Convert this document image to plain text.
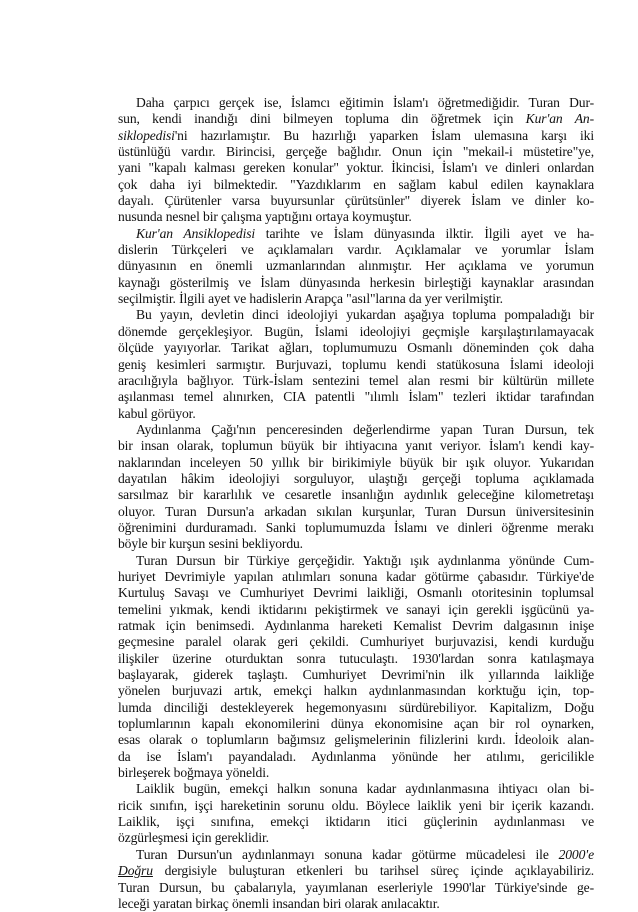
Daha çarpıcı gerçek ise, İslamcı eğitimin İslam'ı öğretmediğidir. Turan Dur-
sun, kendi inandığı dini bilmeyen topluma din öğretmek için Kur'an An-
siklopedisi'ni hazırlamıştır. Bu hazırlığı yaparken İslam ulemasına karşı iki
üstünlüğü vardır. Birincisi, gerçeğe bağlıdır. Onun için "mekail-i müstetire"ye,
yani "kapalı kalması gereken konular" yoktur. İkincisi, İslam'ı ve dinleri onlardan
çok daha iyi bilmektedir. "Yazdıklarım en sağlam kabul edilen kaynaklara
dayalı. Çürütenler varsa buyursunlar çürütsünler" diyerek İslam ve dinler ko-
nusunda nesnel bir çalışma yaptığını ortaya koymuştur.
Kur'an Ansiklopedisi tarihte ve İslam dünyasında ilktir. İlgili ayet ve ha-
dislerin Türkçeleri ve açıklamaları vardır. Açıklamalar ve yorumlar İslam
dünyasının en önemli uzmanlarından alınmıştır. Her açıklama ve yorumun
kaynağı gösterilmiş ve İslam dünyasında herkesin birleştiği kaynaklar arasından
seçilmiştir. İlgili ayet ve hadislerin Arapça "asıl"larına da yer verilmiştir.
Bu yayın, devletin dinci ideolojiyi yukardan aşağıya topluma pompaladığı bir
dönemde gerçekleşiyor. Bugün, İslami ideolojiyi geçmişle karşılaştırılamayacak
ölçüde yayıyorlar. Tarikat ağları, toplumumuzu Osmanlı döneminden çok daha
geniş kesimleri sarmıştır. Burjuvazi, toplumu kendi statükosuna İslami ideoloji
aracılığıyla bağlıyor. Türk-İslam sentezini temel alan resmi bir kültürün millete
aşılanması temel alınırken, CIA patentli "ılımlı İslam" tezleri iktidar tarafından
kabul görüyor.
Aydınlanma Çağı'nın penceresinden değerlendirme yapan Turan Dursun, tek
bir insan olarak, toplumun büyük bir ihtiyacına yanıt veriyor. İslam'ı kendi kay-
naklarından inceleyen 50 yıllık bir birikimiyle büyük bir ışık oluyor. Yukarıdan
dayatılan hâkim ideolojiyi sorguluyor, ulaştığı gerçeği topluma açıklamada
sarsılmaz bir kararlılık ve cesaretle insanlığın aydınlık geleceğine kilometretaşı
oluyor. Turan Dursun'a arkadan sıkılan kurşunlar, Turan Dursun üniversitesinin
öğrenimini durduramadı. Sanki toplumumuzda İslamı ve dinleri öğrenme merakı
böyle bir kurşun sesini bekliyordu.
Turan Dursun bir Türkiye gerçeğidir. Yaktığı ışık aydınlanma yönünde Cum-
huriyet Devrimiyle yapılan atılımları sonuna kadar götürme çabasıdır. Türkiye'de
Kurtuluş Savaşı ve Cumhuriyet Devrimi laikliği, Osmanlı otoritesinin toplumsal
temelini yıkmak, kendi iktidarını pekiştirmek ve sanayi için gerekli işgücünü ya-
ratmak için benimsedi. Aydınlanma hareketi Kemalist Devrim dalgasının inişe
geçmesine paralel olarak geri çekildi. Cumhuriyet burjuvazisi, kendi kurduğu
ilişkiler üzerine oturduktan sonra tutuculaştı. 1930'lardan sonra katılaşmaya
başlayarak, giderek taşlaştı. Cumhuriyet Devrimi'nin ilk yıllarında laikliğe
yönelen burjuvazi artık, emekçi halkın aydınlanmasından korktuğu için, top-
lumda dinciliği destekleyerek hegemonyasını sürdürebiliyor. Kapitalizm, Doğu
toplumlarının kapalı ekonomilerini dünya ekonomisine açan bir rol oynarken,
esas olarak o toplumların bağımsız gelişmelerinin filizlerini kırdı. İdeoloik alan-
da ise İslam'ı payandaladı. Aydınlanma yönünde her atılımı, gericilikle
birleşerek boğmaya yöneldi.
Laiklik bugün, emekçi halkın sonuna kadar aydınlanmasına ihtiyacı olan bi-
ricik sınıfın, işçi hareketinin sorunu oldu. Böylece laiklik yeni bir içerik kazandı.
Laiklik, işçi sınıfına, emekçi iktidarın itici güçlerinin aydınlanması ve
özgürleşmesi için gereklidir.
Turan Dursun'un aydınlanmayı sonuna kadar götürme mücadelesi ile 2000'e
Doğru dergisiyle buluşturan etkenleri bu tarihsel süreç içinde açıklayabiliriz.
Turan Dursun, bu çabalarıyla, yayımlanan eserleriyle 1990'lar Türkiye'sinde ge-
leceği yaratan birkaç önemli insandan biri olarak anılacaktır.
